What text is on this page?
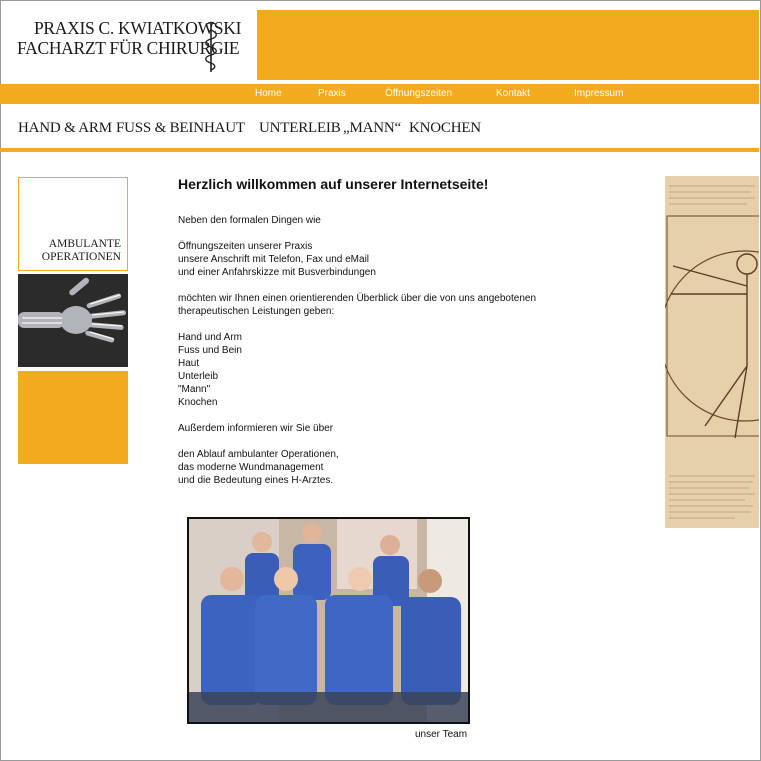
PRAXIS C. KWIATKOWSKI
FACHARZT FÜR CHIRURGIE
Home	Praxis	Öffnungszeiten	Kontakt	Impressum
HAND & ARM FUSS & BEIN HAUT UNTERLEIB „MANN“ KNOCHEN
AMBULANTE
OPERATIONEN
Herzlich willkommen auf unserer Internetseite!

Neben den formalen Dingen wie

Öffnungszeiten unserer Praxis
unsere Anschrift mit Telefon, Fax und eMail
und einer Anfahrskizze mit Busverbindungen

möchten wir Ihnen einen orientierenden Überblick über die von uns angebotenen
therapeutischen Leistungen geben:

Hand und Arm
Fuss und Bein
Haut
Unterleib
"Mann"
Knochen

Außerdem informieren wir Sie über

den Ablauf ambulanter Operationen,
das moderne Wundmanagement
und die Bedeutung eines H-Arztes.

unser Team
